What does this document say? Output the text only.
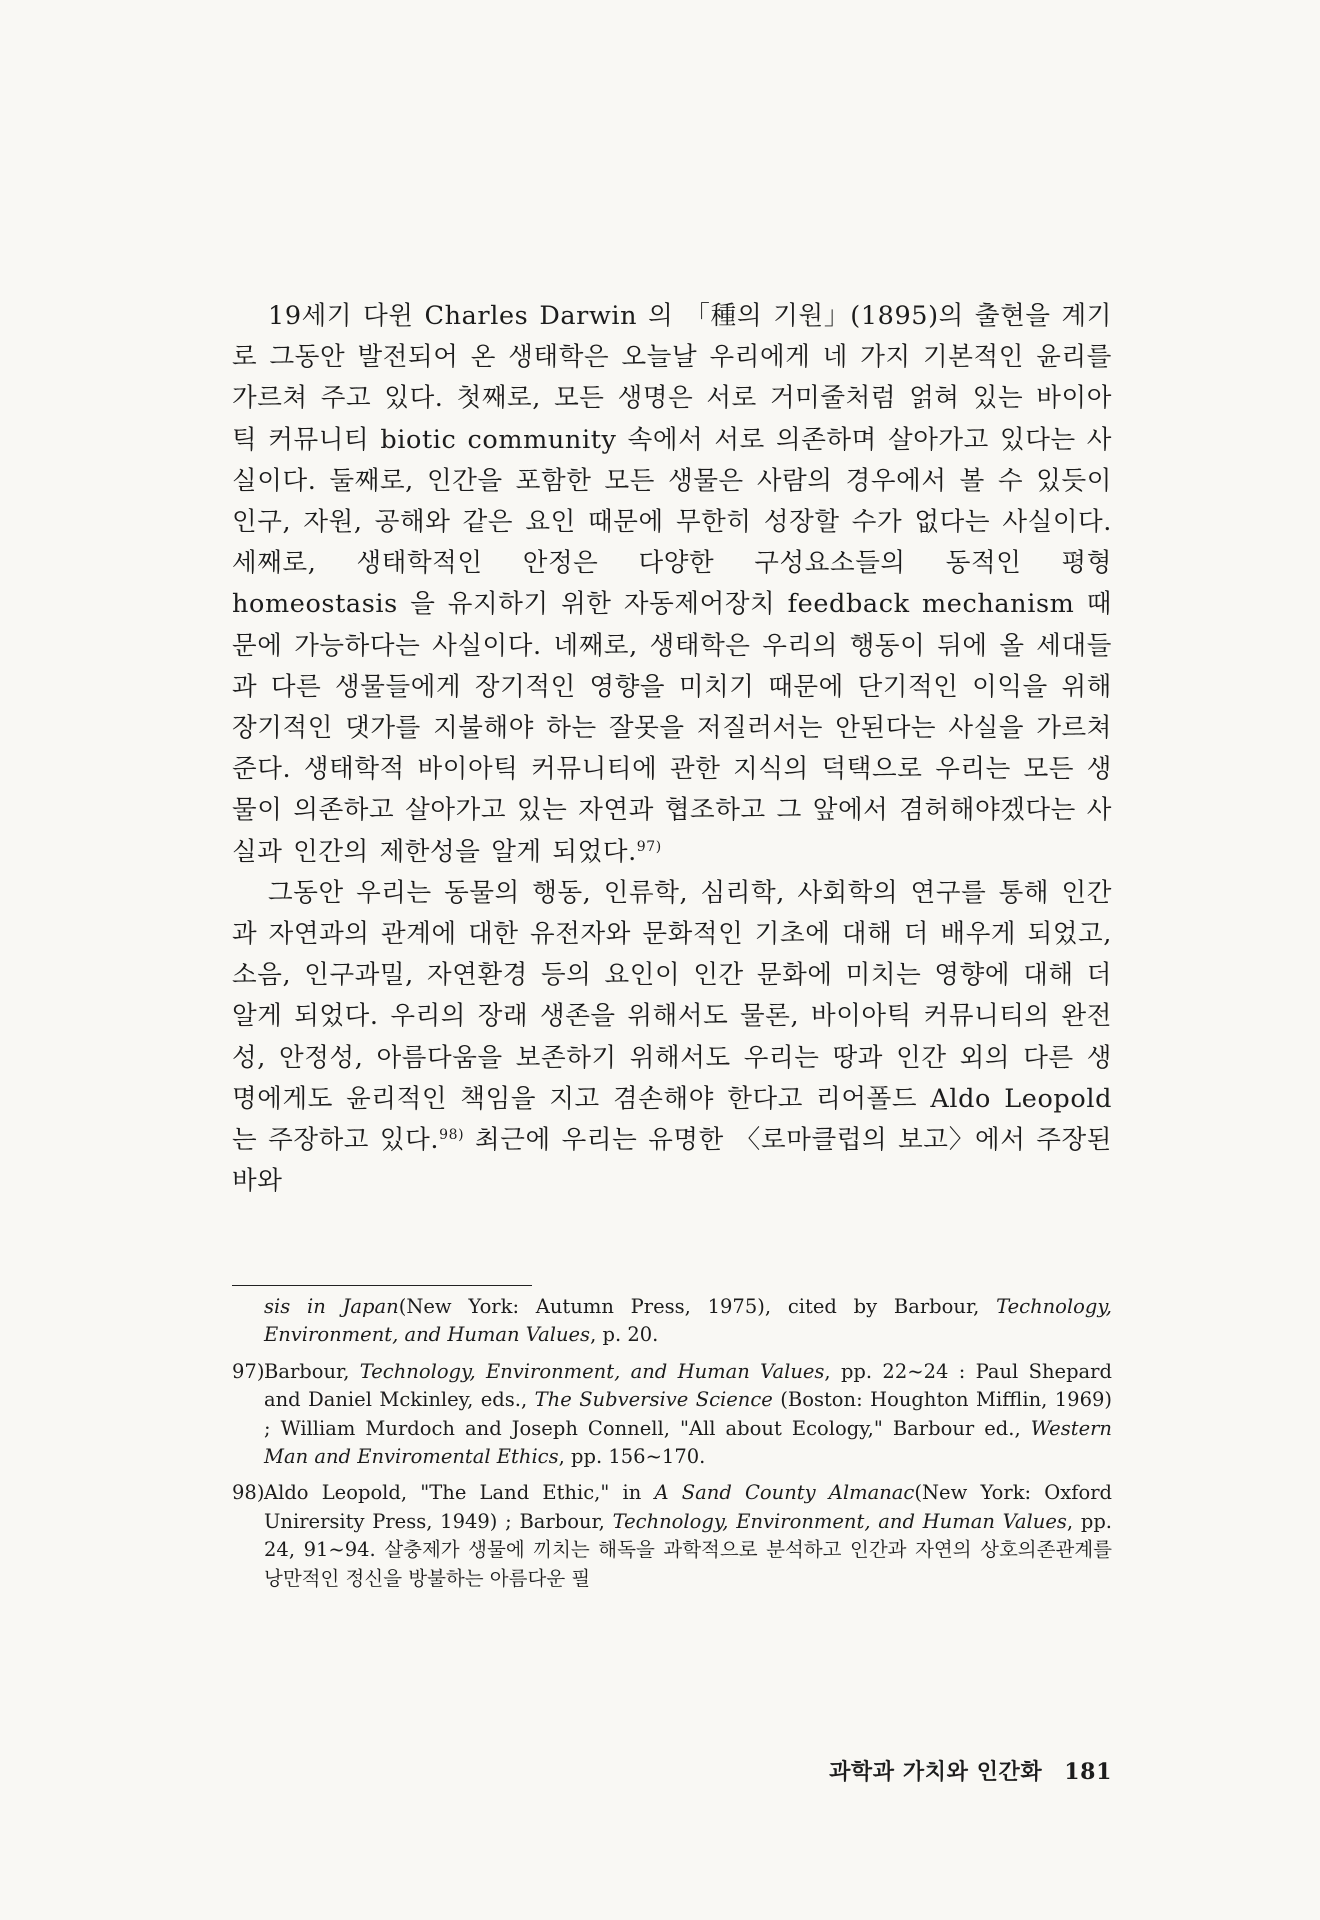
19세기 다윈 Charles Darwin 의 「種의 기원」(1895)의 출현을 계기로 그동안 발전되어 온 생태학은 오늘날 우리에게 네 가지 기본적인 윤리를 가르쳐 주고 있다. 첫째로, 모든 생명은 서로 거미줄처럼 얽혀 있는 바이아틱 커뮤니티 biotic community 속에서 서로 의존하며 살아가고 있다는 사실이다. 둘째로, 인간을 포함한 모든 생물은 사람의 경우에서 볼 수 있듯이 인구, 자원, 공해와 같은 요인 때문에 무한히 성장할 수가 없다는 사실이다. 세째로, 생태학적인 안정은 다양한 구성요소들의 동적인 평형 homeostasis 을 유지하기 위한 자동제어장치 feedback mechanism 때문에 가능하다는 사실이다. 네째로, 생태학은 우리의 행동이 뒤에 올 세대들과 다른 생물들에게 장기적인 영향을 미치기 때문에 단기적인 이익을 위해 장기적인 댓가를 지불해야 하는 잘못을 저질러서는 안된다는 사실을 가르쳐 준다. 생태학적 바이아틱 커뮤니티에 관한 지식의 덕택으로 우리는 모든 생물이 의존하고 살아가고 있는 자연과 협조하고 그 앞에서 겸허해야겠다는 사실과 인간의 제한성을 알게 되었다.$^{97)}$

그동안 우리는 동물의 행동, 인류학, 심리학, 사회학의 연구를 통해 인간과 자연과의 관계에 대한 유전자와 문화적인 기초에 대해 더 배우게 되었고, 소음, 인구과밀, 자연환경 등의 요인이 인간 문화에 미치는 영향에 대해 더 알게 되었다. 우리의 장래 생존을 위해서도 물론, 바이아틱 커뮤니티의 완전성, 안정성, 아름다움을 보존하기 위해서도 우리는 땅과 인간 외의 다른 생명에게도 윤리적인 책임을 지고 겸손해야 한다고 리어폴드 Aldo Leopold 는 주장하고 있다.$^{98)}$ 최근에 우리는 유명한 〈로마클럽의 보고〉에서 주장된 바와

sis in Japan(New York: Autumn Press, 1975), cited by Barbour, Technology, Environment, and Human Values, p. 20.

97)Barbour, Technology, Environment, and Human Values, pp. 22~24 : Paul Shepard and Daniel Mckinley, eds., The Subversive Science (Boston: Houghton Mifflin, 1969) ; William Murdoch and Joseph Connell, "All about Ecology," Barbour ed., Western Man and Enviromental Ethics, pp. 156~170.

98)Aldo Leopold, "The Land Ethic," in A Sand County Almanac(New York: Oxford Unirersity Press, 1949) ; Barbour, Technology, Environment, and Human Values, pp. 24, 91~94. 살충제가 생물에 끼치는 해독을 과학적으로 분석하고 인간과 자연의 상호의존관계를 낭만적인 정신을 방불하는 아름다운 필

과학과 가치와 인간화 181
